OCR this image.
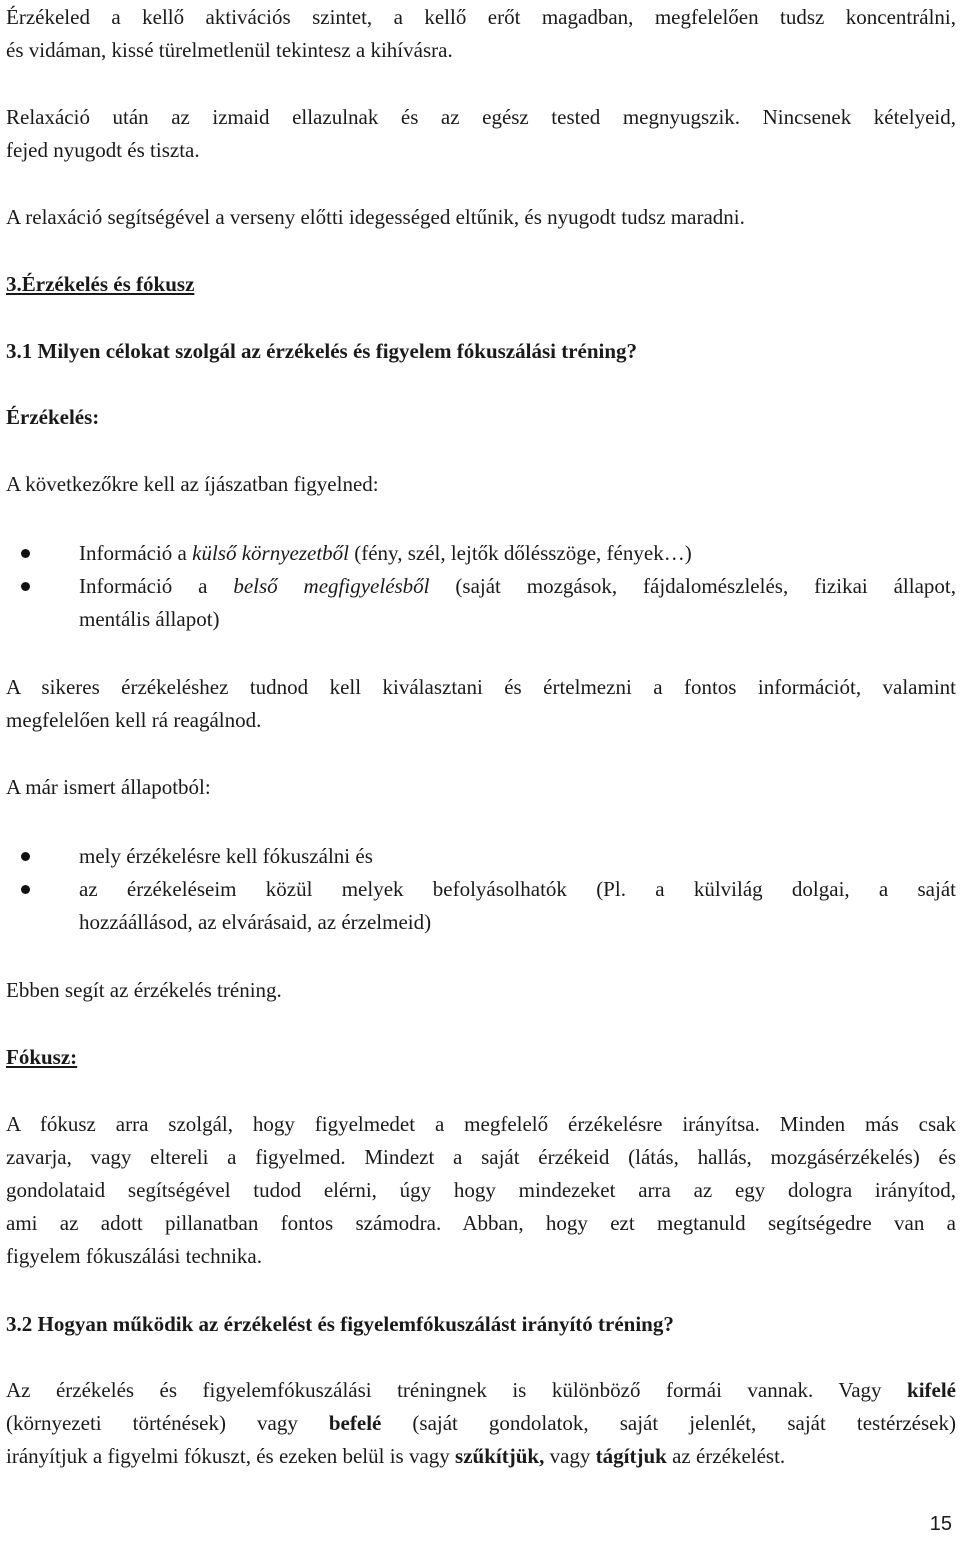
Érzékeled a kellő aktivációs szintet, a kellő erőt magadban, megfelelően tudsz koncentrálni,
és vidáman, kissé türelmetlenül tekintesz a kihívásra.
Relaxáció után az izmaid ellazulnak és az egész tested megnyugszik. Nincsenek kételyeid,
fejed nyugodt és tiszta.
A relaxáció segítségével a verseny előtti idegességed eltűnik, és nyugodt tudsz maradni.
3.Érzékelés és fókusz
3.1 Milyen célokat szolgál az érzékelés és figyelem fókuszálási tréning?
Érzékelés:
A következőkre kell az íjászatban figyelned:
Információ a külső környezetből (fény, szél, lejtők dőlésszöge, fények…)
Információ a belső megfigyelésből (saját mozgások, fájdalomészlelés, fizikai állapot,
mentális állapot)
A sikeres érzékeléshez tudnod kell kiválasztani és értelmezni a fontos információt, valamint
megfelelően kell rá reagálnod.
A már ismert állapotból:
mely érzékelésre kell fókuszálni és
az érzékeléseim közül melyek befolyásolhatók (Pl. a külvilág dolgai, a saját
hozzáállásod, az elvárásaid, az érzelmeid)
Ebben segít az érzékelés tréning.
Fókusz:
A fókusz arra szolgál, hogy figyelmedet a megfelelő érzékelésre irányítsa. Minden más csak
zavarja, vagy eltereli a figyelmed. Mindezt a saját érzékeid (látás, hallás, mozgásérzékelés) és
gondolataid segítségével tudod elérni, úgy hogy mindezeket arra az egy dologra irányítod,
ami az adott pillanatban fontos számodra. Abban, hogy ezt megtanuld segítségedre van a
figyelem fókuszálási technika.
3.2 Hogyan működik az érzékelést és figyelemfókuszálást irányító tréning?
Az érzékelés és figyelemfókuszálási tréningnek is különböző formái vannak. Vagy kifelé
(környezeti történések) vagy befelé (saját gondolatok, saját jelenlét, saját testérzések)
irányítjuk a figyelmi fókuszt, és ezeken belül is vagy szűkítjük, vagy tágítjuk az érzékelést.
15
